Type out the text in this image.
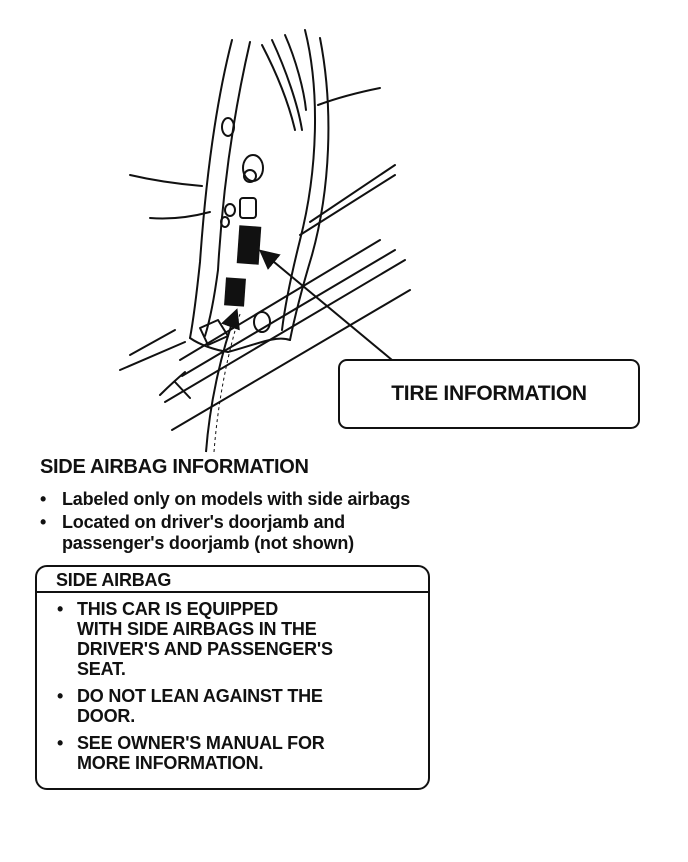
TIRE INFORMATION
SIDE AIRBAG INFORMATION
• Labeled only on models with side airbags
• Located on driver's doorjamb and
passenger's doorjamb (not shown)
SIDE AIRBAG
• THIS CAR IS EQUIPPED
WITH SIDE AIRBAGS IN THE
DRIVER'S AND PASSENGER'S
SEAT.
• DO NOT LEAN AGAINST THE
DOOR.
• SEE OWNER'S MANUAL FOR
MORE INFORMATION.
